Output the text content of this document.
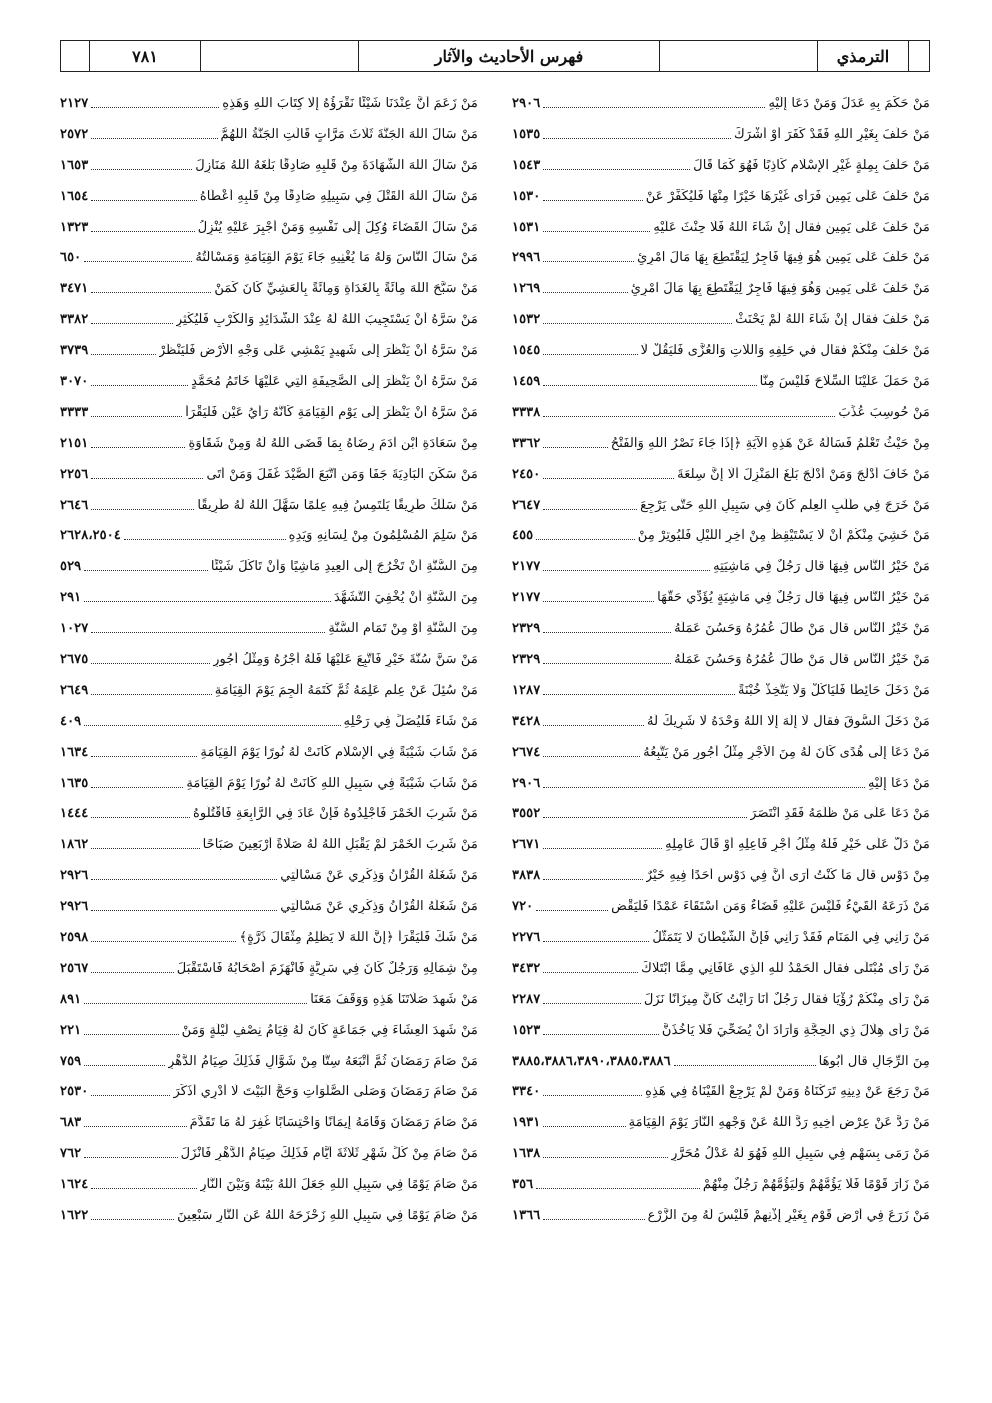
٧٨١	فهرس الأحاديث والآثار	الترمذي
مَنْ حَكَمَ بِهِ عَدَلَ وَمَنْ دَعَا إِلَيْهِ
٢٩٠٦
مَنْ حَلَفَ بِغَيْرِ اللهِ فَقَدْ كَفَرَ أَوْ أَشْرَكَ
١٥٣٥
مَنْ حَلَفَ بِمِلَّةٍ غَيْرِ الإِسْلَامِ كَاذِبًا فَهُوَ كَمَا قَالَ
١٥٤٣
مَنْ حَلَفَ عَلَى يَمِينٍ فَرَأَى غَيْرَهَا خَيْرًا مِنْهَا فَلْيُكَفِّرْ عَنْ
١٥٣٠
مَنْ حَلَفَ عَلَى يَمِينٍ فقال إِنْ شَاءَ اللهُ فَلَا حِنْثَ عَلَيْهِ
١٥٣١
مَنْ حَلَفَ عَلَى يَمِينٍ هُوَ فِيهَا فَاجِرٌ لِيَقْتَطِعَ بِهَا مَالَ امْرِئٍ
٢٩٩٦
مَنْ حَلَفَ عَلَى يَمِينٍ وَهُوَ فِيهَا فَاجِرٌ لِيَقْتَطِعَ بِهَا مَالَ امْرِئٍ
١٢٦٩
مَنْ حَلَفَ فقال إِنْ شَاءَ اللهُ لَمْ يَحْنَثْ
١٥٣٢
مَنْ حَلَفَ مِنْكُمْ فقال في حَلِفِهِ وَاللَّاتِ وَالْعُزَّى فَلْيَقُلْ لَا
١٥٤٥
مَنْ حَمَلَ عَلَيْنَا السِّلَاحَ فَلَيْسَ مِنَّا
١٤٥٩
مَنْ حُوسِبَ عُذِّبَ
٣٣٣٨
مِنْ حَيْثُ تَعْلَمُ فَسَأَلَهُ عَنْ هَذِهِ الآيَةِ ﴿إِذَا جَاءَ نَصْرُ اللهِ وَالْفَتْحُ
٣٣٦٢
مَنْ خَافَ أَدْلَجَ وَمَنْ أَدْلَجَ بَلَغَ الْمَنْزِلَ أَلَا إِنَّ سِلْعَةَ
٢٤٥٠
مَنْ خَرَجَ فِي طَلَبِ الْعِلْمِ كَانَ فِي سَبِيلِ اللهِ حَتَّى يَرْجِعَ
٢٦٤٧
مَنْ خَشِيَ مِنْكُمْ أَنْ لَا يَسْتَيْقِظَ مِنْ آخِرِ اللَّيْلِ فَلْيُوتِرْ مِنْ
٤٥٥
مَنْ خَيْرُ النَّاسِ فِيهَا قال رَجُلٌ فِي مَاشِيَتِهِ
٢١٧٧
مَنْ خَيْرُ النَّاسِ فِيهَا قال رَجُلٌ فِي مَاشِيَةٍ يُؤَدِّي حَقَّهَا
٢١٧٧
مَنْ خَيْرُ النَّاسِ قال مَنْ طَالَ عُمُرُهُ وَحَسُنَ عَمَلُهُ
٢٣٢٩
مَنْ خَيْرُ النَّاسِ قال مَنْ طَالَ عُمُرُهُ وَحَسُنَ عَمَلُهُ
٢٣٢٩
مَنْ دَخَلَ حَائِطًا فَلْيَأْكُلْ وَلَا يَتَّخِذْ خُبْنَةً
١٢٨٧
مَنْ دَخَلَ السُّوقَ فقال لَا إِلَهَ إِلَّا اللهُ وَحْدَهُ لَا شَرِيكَ لَهُ
٣٤٢٨
مَنْ دَعَا إِلَى هُدًى كَانَ لَهُ مِنَ الأَجْرِ مِثْلُ أُجُورِ مَنْ يَتَّبِعُهُ
٢٦٧٤
مَنْ دَعَا إِلَيْهِ
٢٩٠٦
مَنْ دَعَا عَلَى مَنْ ظَلَمَهُ فَقَدِ انْتَصَرَ
٣٥٥٢
مَنْ دَلَّ عَلَى خَيْرٍ فَلَهُ مِثْلُ أَجْرِ فَاعِلِهِ أَوْ قَالَ عَامِلِهِ
٢٦٧١
مِنْ دَوْسٍ قال مَا كُنْتُ أَرَى أَنَّ فِي دَوْسٍ أَحَدًا فِيهِ خَيْرٌ
٣٨٣٨
مَنْ ذَرَعَهُ الْقَيْءُ فَلَيْسَ عَلَيْهِ قَضَاءٌ وَمَنِ اسْتَقَاءَ عَمْدًا فَلْيَقْضِ
٧٢٠
مَنْ رَآنِي فِي الْمَنَامِ فَقَدْ رَآنِي فَإِنَّ الشَّيْطَانَ لَا يَتَمَثَّلُ
٢٢٧٦
مَنْ رَأَى مُبْتَلًى فقال الْحَمْدُ للهِ الَّذِي عَافَانِي مِمَّا ابْتَلَاكَ
٣٤٣٢
مَنْ رَأَى مِنْكُمْ رُؤْيَا فقال رَجُلٌ أَنَا رَأَيْتُ كَأَنَّ مِيزَانًا نَزَلَ
٢٢٨٧
مَنْ رَأَى هِلَالَ ذِي الْحِجَّةِ وَأَرَادَ أَنْ يُضَحِّيَ فَلَا يَأْخُذَنَّ
١٥٢٣
مِنَ الرِّجَالِ قال أَبُوهَا
٣٨٨٥،٣٨٨٦،٣٨٩٠،٣٨٨٥،٣٨٨٦
مَنْ رَجَعَ عَنْ دِينِهِ تَرَكْنَاهُ وَمَنْ لَمْ يَرْجِعْ أَلْقَيْنَاهُ فِي هَذِهِ
٣٣٤٠
مَنْ رَدَّ عَنْ عِرْضِ أَخِيهِ رَدَّ اللهُ عَنْ وَجْهِهِ النَّارَ يَوْمَ الْقِيَامَةِ
١٩٣١
مَنْ رَمَى بِسَهْمٍ فِي سَبِيلِ اللهِ فَهُوَ لَهُ عَدْلُ مُحَرَّرٍ
١٦٣٨
مَنْ زَارَ قَوْمًا فَلَا يَؤُمَّهُمْ وَلْيَؤُمَّهُمْ رَجُلٌ مِنْهُمْ
٣٥٦
مَنْ زَرَعَ فِي أَرْضِ قَوْمٍ بِغَيْرِ إِذْنِهِمْ فَلَيْسَ لَهُ مِنَ الزَّرْعِ
١٣٦٦
مَنْ زَعَمَ أَنَّ عِنْدَنَا شَيْئًا نَقْرَؤُهُ إِلَّا كِتَابَ اللهِ وَهَذِهِ
٢١٢٧
مَنْ سَأَلَ اللهَ الْجَنَّةَ ثَلَاثَ مَرَّاتٍ قَالَتِ الْجَنَّةُ اللَّهُمَّ
٢٥٧٢
مَنْ سَأَلَ اللهَ الشَّهَادَةَ مِنْ قَلْبِهِ صَادِقًا بَلَّغَهُ اللهُ مَنَازِلَ
١٦٥٣
مَنْ سَأَلَ اللهَ الْقَتْلَ فِي سَبِيلِهِ صَادِقًا مِنْ قَلْبِهِ أَعْطَاهُ
١٦٥٤
مَنْ سَأَلَ الْقَضَاءَ وُكِلَ إِلَى نَفْسِهِ وَمَنْ أُجْبِرَ عَلَيْهِ يُنْزِلُ
١٣٢٣
مَنْ سَأَلَ النَّاسَ وَلَهُ مَا يُغْنِيهِ جَاءَ يَوْمَ الْقِيَامَةِ وَمَسْأَلَتُهُ
٦٥٠
مَنْ سَبَّحَ اللهَ مِائَةً بِالْغَدَاةِ وَمِائَةً بِالْعَشِيِّ كَانَ كَمَنْ
٣٤٧١
مَنْ سَرَّهُ أَنْ يَسْتَجِيبَ اللهُ لَهُ عِنْدَ الشَّدَائِدِ وَالْكَرْبِ فَلْيُكْثِرِ
٣٣٨٢
مَنْ سَرَّهُ أَنْ يَنْظُرَ إِلَى شَهِيدٍ يَمْشِي عَلَى وَجْهِ الأَرْضِ فَلْيَنْظُرْ
٣٧٣٩
مَنْ سَرَّهُ أَنْ يَنْظُرَ إِلَى الصَّحِيفَةِ الَّتِي عَلَيْهَا خَاتَمُ مُحَمَّدٍ
٣٠٧٠
مَنْ سَرَّهُ أَنْ يَنْظُرَ إِلَى يَوْمِ الْقِيَامَةِ كَأَنَّهُ رَأْيُ عَيْنٍ فَلْيَقْرَأْ
٣٣٣٣
مِنْ سَعَادَةِ ابْنِ آدَمَ رِضَاهُ بِمَا قَضَى اللهُ لَهُ وَمِنْ شَقَاوَةِ
٢١٥١
مَنْ سَكَنَ الْبَادِيَةَ جَفَا وَمَنِ اتَّبَعَ الصَّيْدَ غَفَلَ وَمَنْ أَتَى
٢٢٥٦
مَنْ سَلَكَ طَرِيقًا يَلْتَمِسُ فِيهِ عِلْمًا سَهَّلَ اللهُ لَهُ طَرِيقًا
٢٦٤٦
مَنْ سَلِمَ الْمُسْلِمُونَ مِنْ لِسَانِهِ وَيَدِهِ
٢٦٢٨،٢٥٠٤
مِنَ السُّنَّةِ أَنْ تَخْرُجَ إِلَى الْعِيدِ مَاشِيًا وَأَنْ تَأْكُلَ شَيْئًا
٥٢٩
مِنَ السُّنَّةِ أَنْ يُخْفِيَ التَّشَهُّدَ
٢٩١
مِنَ السُّنَّةِ أَوْ مِنْ تَمَامِ السُّنَّةِ
١٠٢٧
مَنْ سَنَّ سُنَّةَ خَيْرٍ فَاتُّبِعَ عَلَيْهَا فَلَهُ أَجْرُهُ وَمِثْلُ أُجُورِ
٢٦٧٥
مَنْ سُئِلَ عَنْ عِلْمٍ عَلِمَهُ ثُمَّ كَتَمَهُ أُلْجِمَ يَوْمَ الْقِيَامَةِ
٢٦٤٩
مَنْ شَاءَ فَلْيُصَلِّ فِي رَحْلِهِ
٤٠٩
مَنْ شَابَ شَيْبَةً فِي الإِسْلَامِ كَانَتْ لَهُ نُورًا يَوْمَ الْقِيَامَةِ
١٦٣٤
مَنْ شَابَ شَيْبَةً فِي سَبِيلِ اللهِ كَانَتْ لَهُ نُورًا يَوْمَ الْقِيَامَةِ
١٦٣٥
مَنْ شَرِبَ الْخَمْرَ فَاجْلِدُوهُ فَإِنْ عَادَ فِي الرَّابِعَةِ فَاقْتُلُوهُ
١٤٤٤
مَنْ شَرِبَ الْخَمْرَ لَمْ يَقْبَلِ اللهُ لَهُ صَلَاةً أَرْبَعِينَ صَبَاحًا
١٨٦٢
مَنْ شَغَلَهُ الْقُرْآنُ وَذِكْرِي عَنْ مَسْأَلَتِي
٢٩٢٦
مَنْ شَغَلَهُ الْقُرْآنُ وَذِكْرِي عَنْ مَسْأَلَتِي
٢٩٢٦
مَنْ شَكَّ فَلْيَقْرَأْ ﴿إِنَّ اللهَ لَا يَظْلِمُ مِثْقَالَ ذَرَّةٍ﴾
٢٥٩٨
مِنْ شِمَالِهِ وَرَجُلٌ كَانَ فِي سَرِيَّةٍ فَانْهَزَمَ أَصْحَابُهُ فَاسْتَقْبَلَ
٢٥٦٧
مَنْ شَهِدَ صَلَاتَنَا هَذِهِ وَوَقَفَ مَعَنَا
٨٩١
مَنْ شَهِدَ الْعِشَاءَ فِي جَمَاعَةٍ كَانَ لَهُ قِيَامُ نِصْفِ لَيْلَةٍ وَمَنْ
٢٢١
مَنْ صَامَ رَمَضَانَ ثُمَّ أَتْبَعَهُ سِتًّا مِنْ شَوَّالٍ فَذَلِكَ صِيَامُ الدَّهْرِ
٧٥٩
مَنْ صَامَ رَمَضَانَ وَصَلَّى الصَّلَوَاتِ وَحَجَّ الْبَيْتَ لَا أَدْرِي أَذَكَرَ
٢٥٣٠
مَنْ صَامَ رَمَضَانَ وَقَامَهُ إِيمَانًا وَاحْتِسَابًا غُفِرَ لَهُ مَا تَقَدَّمَ
٦٨٣
مَنْ صَامَ مِنْ كُلِّ شَهْرٍ ثَلَاثَةَ أَيَّامٍ فَذَلِكَ صِيَامُ الدَّهْرِ فَأَنْزَلَ
٧٦٢
مَنْ صَامَ يَوْمًا فِي سَبِيلِ اللهِ جَعَلَ اللهُ بَيْنَهُ وَبَيْنَ النَّارِ
١٦٢٤
مَنْ صَامَ يَوْمًا فِي سَبِيلِ اللهِ زَحْزَحَهُ اللهُ عَنِ النَّارِ سَبْعِينَ
١٦٢٢
